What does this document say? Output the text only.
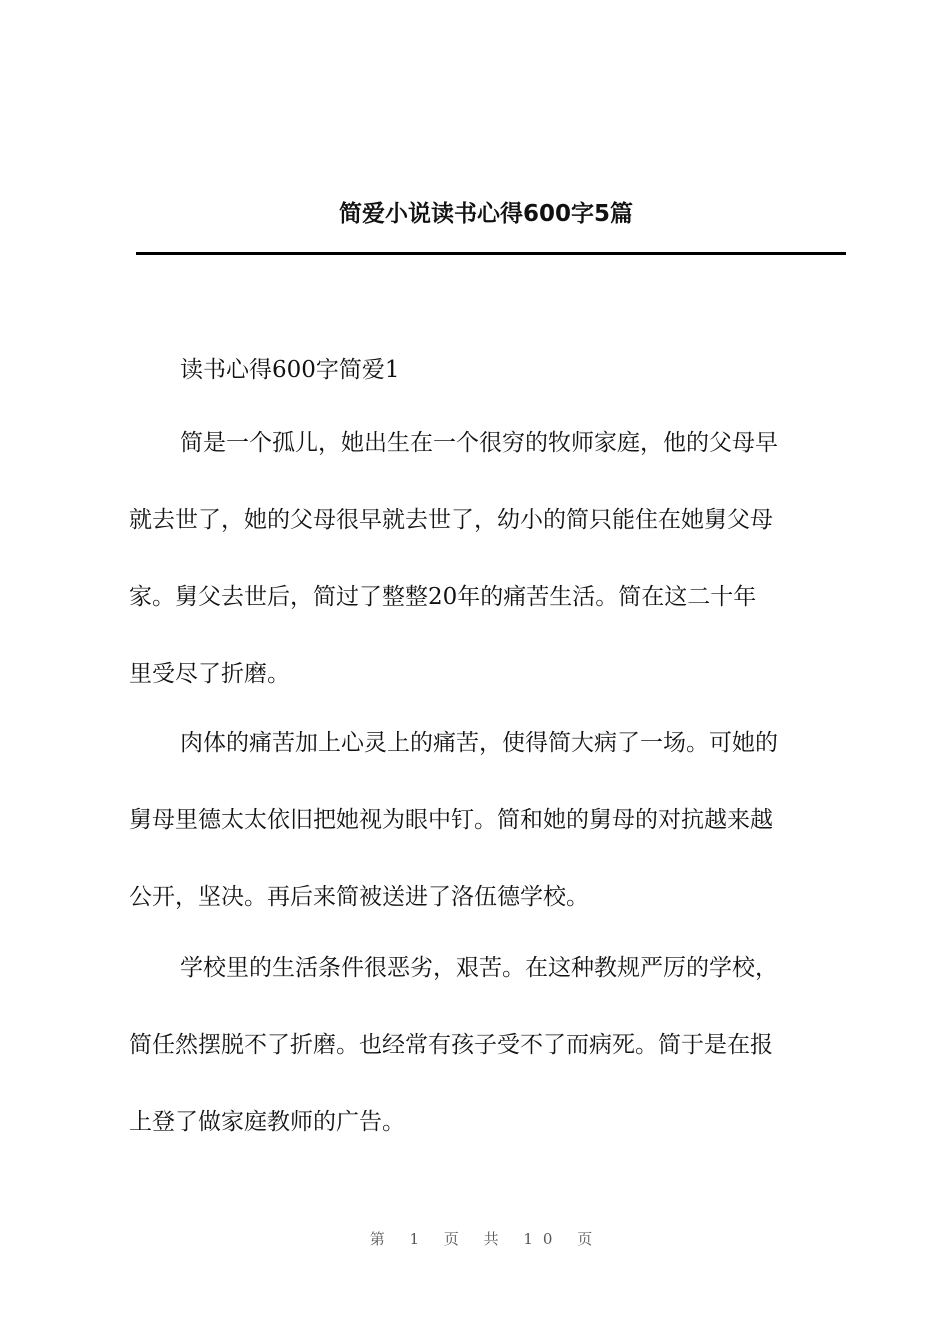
简爱小说读书心得600字5篇

读书心得600字简爱1

简是一个孤儿，她出生在一个很穷的牧师家庭，他的父母早
就去世了，她的父母很早就去世了，幼小的简只能住在她舅父母
家。舅父去世后，简过了整整20年的痛苦生活。简在这二十年
里受尽了折磨。
肉体的痛苦加上心灵上的痛苦，使得简大病了一场。可她的
舅母里德太太依旧把她视为眼中钉。简和她的舅母的对抗越来越
公开，坚决。再后来简被送进了洛伍德学校。
学校里的生活条件很恶劣，艰苦。在这种教规严厉的学校，
简任然摆脱不了折磨。也经常有孩子受不了而病死。简于是在报
上登了做家庭教师的广告。

第 1 页 共 10 页
